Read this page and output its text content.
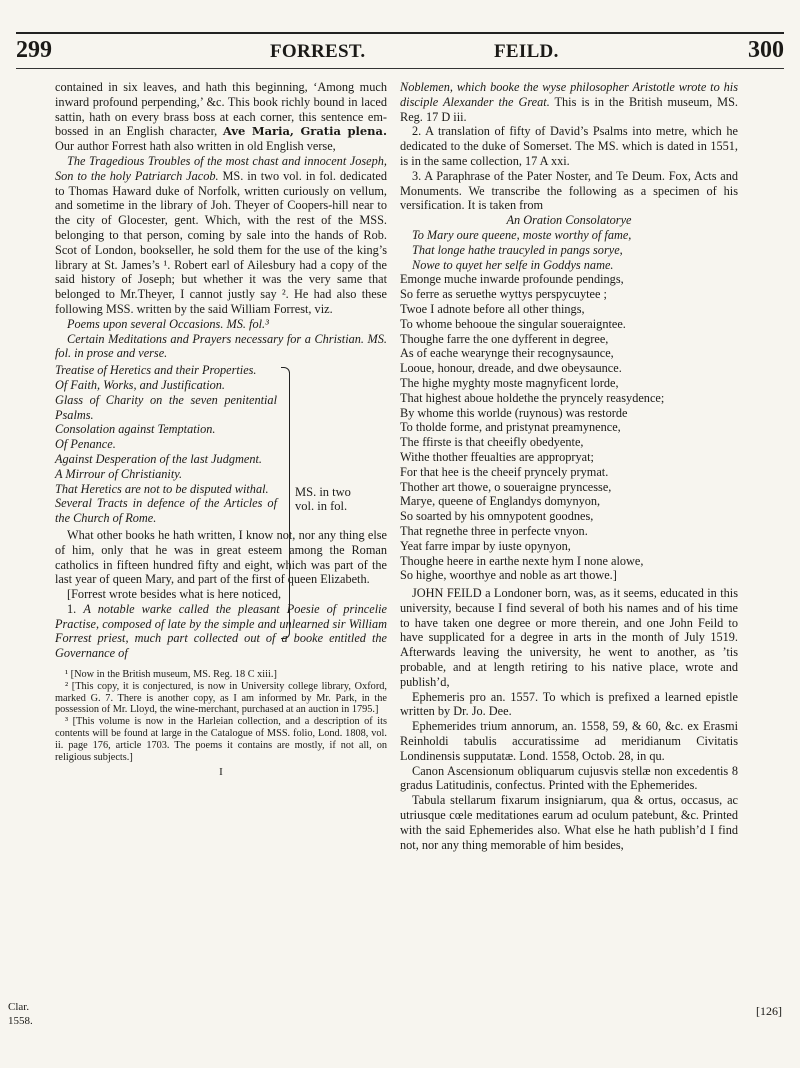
299	FORREST.	FEILD.	300

contained in six leaves, and hath this beginning, ‘Among much inward profound perpending,’ &c. This book richly bound in laced sattin, hath on every brass boss at each corner, this sentence embossed in an English character, Ave Maria, Gratia plena. Our author Forrest hath also written in old English verse,

The Tragedious Troubles of the most chast and innocent Joseph, Son to the holy Patriarch Jacob. MS. in two vol. in fol. dedicated to Thomas Haward duke of Norfolk, written curiously on vellum, and sometime in the library of Joh. Theyer of Coopers-hill near to the city of Glocester, gent. Which, with the rest of the MSS. belonging to that person, coming by sale into the hands of Rob. Scot of London, bookseller, he sold them for the use of the king’s library at St. James’s ¹. Robert earl of Ailesbury had a copy of the said history of Joseph; but whether it was the very same that belonged to Mr.Theyer, I cannot justly say ². He had also these following MSS. written by the said William Forrest, viz.

Poems upon several Occasions. MS. fol.³

Certain Meditations and Prayers necessary for a Christian. MS. fol. in prose and verse.

Treatise of Heretics and their Properties.

Of Faith, Works, and Justification.

Glass of Charity on the seven penitential Psalms.

Consolation against Temptation.

Of Penance.

Against Desperation of the last Judgment.

A Mirrour of Christianity.

That Heretics are not to be disputed withal.

Several Tracts in defence of the Articles of the Church of Rome.

MS. in two
vol. in fol.

What other books he hath written, I know not, nor any thing else of him, only that he was in great esteem among the Roman catholics in fifteen hundred fifty and eight, which was part of the last year of queen Mary, and part of the first of queen Elizabeth.

[Forrest wrote besides what is here noticed,

1. A notable warke called the pleasant Poesie of princelie Practise, composed of late by the simple and unlearned sir William Forrest priest, much part collected out of a booke entitled the Governance of

¹ [Now in the British museum, MS. Reg. 18 C xiii.]

² [This copy, it is conjectured, is now in University college library, Oxford, marked G. 7. There is another copy, as I am informed by Mr. Park, in the possession of Mr. Lloyd, the wine-merchant, purchased at an auction in 1795.]

³ [This volume is now in the Harleian collection, and a description of its contents will be found at large in the Catalogue of MSS. folio, Lond. 1808, vol. ii. page 176, article 1703. The poems it contains are mostly, if not all, on religious subjects.]

I
Clar.
1558.

Noblemen, which booke the wyse philosopher Aristotle wrote to his disciple Alexander the Great. This is in the British museum, MS. Reg. 17 D iii.

2. A translation of fifty of David’s Psalms into metre, which he dedicated to the duke of Somerset. The MS. which is dated in 1551, is in the same collection, 17 A xxi.

3. A Paraphrase of the Pater Noster, and Te Deum. Fox, Acts and Monuments. We transcribe the following as a specimen of his versification. It is taken from

An Oration Consolatorye

To Mary oure queene, moste worthy of fame,

That longe hathe traucyled in pangs sorye,

Nowe to quyet her selfe in Goddys name.

Emonge muche inwarde profounde pendings,

So ferre as seruethe wyttys perspycuytee ;

Twoe I adnote before all other things,

To whome behooue the singular soueraigntee.

Thoughe farre the one dyfferent in degree,

As of eache wearynge their recognysaunce,

Looue, honour, dreade, and dwe obeysaunce.

The highe myghty moste magnyficent lorde,

That highest aboue holdethe the pryncely reasydence;

By whome this worlde (ruynous) was restorde

To tholde forme, and pristynat preamynence,

The ffirste is that cheeifly obedyente,

Withe thother ffeualties are appropryat;

For that hee is the cheeif pryncely prymat.

Thother art thowe, o soueraigne pryncesse,

Marye, queene of Englandys domynyon,

So soarted by his omnypotent goodnes,

That regnethe three in perfecte vnyon.

Yeat farre impar by iuste opynyon,

Thoughe heere in earthe nexte hym I none alowe,

So highe, woorthye and noble as art thowe.]

JOHN FEILD a Londoner born, was, as it seems, educated in this university, because I find several of both his names and of his time to have taken one degree or more therein, and one John Feild to have supplicated for a degree in arts in the month of July 1519. Afterwards leaving the university, he went to another, as ’tis probable, and at length retiring to his native place, wrote and publish’d,

Ephemeris pro an. 1557. To which is prefixed a learned epistle written by Dr. Jo. Dee.

Ephemerides trium annorum, an. 1558, 59, & 60, &c. ex Erasmi Reinholdi tabulis accuratissime ad meridianum Civitatis Londinensis supputatæ. Lond. 1558, Octob. 28, in qu.

Canon Ascensionum obliquarum cujusvis stellæ non excedentis 8 gradus Latitudinis, confectus. Printed with the Ephemerides.

Tabula stellarum fixarum insigniarum, qua & ortus, occasus, ac utriusque cœle meditationes earum ad oculum patebunt, &c. Printed with the said Ephemerides also. What else he hath publish’d I find not, nor any thing memorable of him besides,

[126]
